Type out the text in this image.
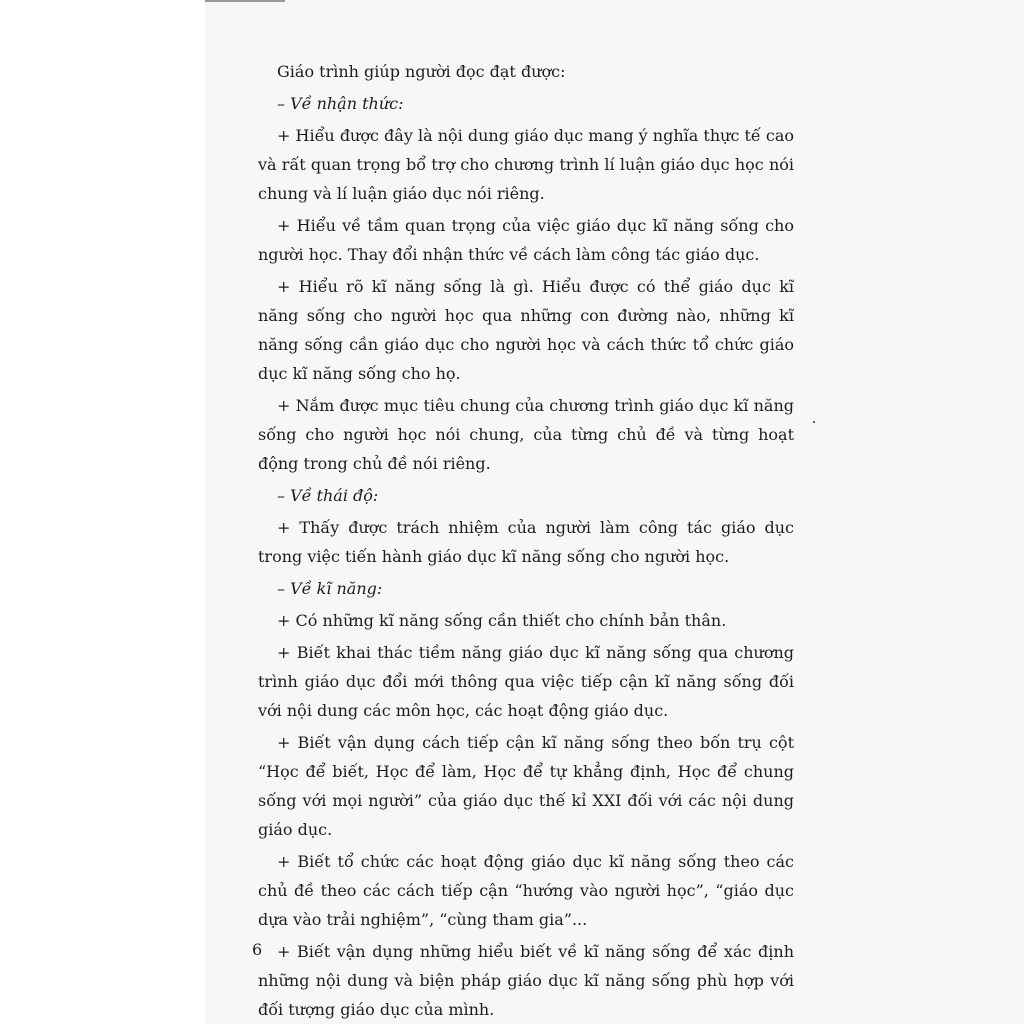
Giáo trình giúp người đọc đạt được:

– Về nhận thức:

+ Hiểu được đây là nội dung giáo dục mang ý nghĩa thực tế cao và rất quan trọng bổ trợ cho chương trình lí luận giáo dục học nói chung và lí luận giáo dục nói riêng.

+ Hiểu về tầm quan trọng của việc giáo dục kĩ năng sống cho người học. Thay đổi nhận thức về cách làm công tác giáo dục.

+ Hiểu rõ kĩ năng sống là gì. Hiểu được có thể giáo dục kĩ năng sống cho người học qua những con đường nào, những kĩ năng sống cần giáo dục cho người học và cách thức tổ chức giáo dục kĩ năng sống cho họ.

+ Nắm được mục tiêu chung của chương trình giáo dục kĩ năng sống cho người học nói chung, của từng chủ đề và từng hoạt động trong chủ đề nói riêng.

– Về thái độ:

+ Thấy được trách nhiệm của người làm công tác giáo dục trong việc tiến hành giáo dục kĩ năng sống cho người học.

– Về kĩ năng:

+ Có những kĩ năng sống cần thiết cho chính bản thân.

+ Biết khai thác tiềm năng giáo dục kĩ năng sống qua chương trình giáo dục đổi mới thông qua việc tiếp cận kĩ năng sống đối với nội dung các môn học, các hoạt động giáo dục.

+ Biết vận dụng cách tiếp cận kĩ năng sống theo bốn trụ cột “Học để biết, Học để làm, Học để tự khẳng định, Học để chung sống với mọi người” của giáo dục thế kỉ XXI đối với các nội dung giáo dục.

+ Biết tổ chức các hoạt động giáo dục kĩ năng sống theo các chủ đề theo các cách tiếp cận “hướng vào người học”, “giáo dục dựa vào trải nghiệm”, “cùng tham gia”...

+ Biết vận dụng những hiểu biết về kĩ năng sống để xác định những nội dung và biện pháp giáo dục kĩ năng sống phù hợp với đối tượng giáo dục của mình.

6
